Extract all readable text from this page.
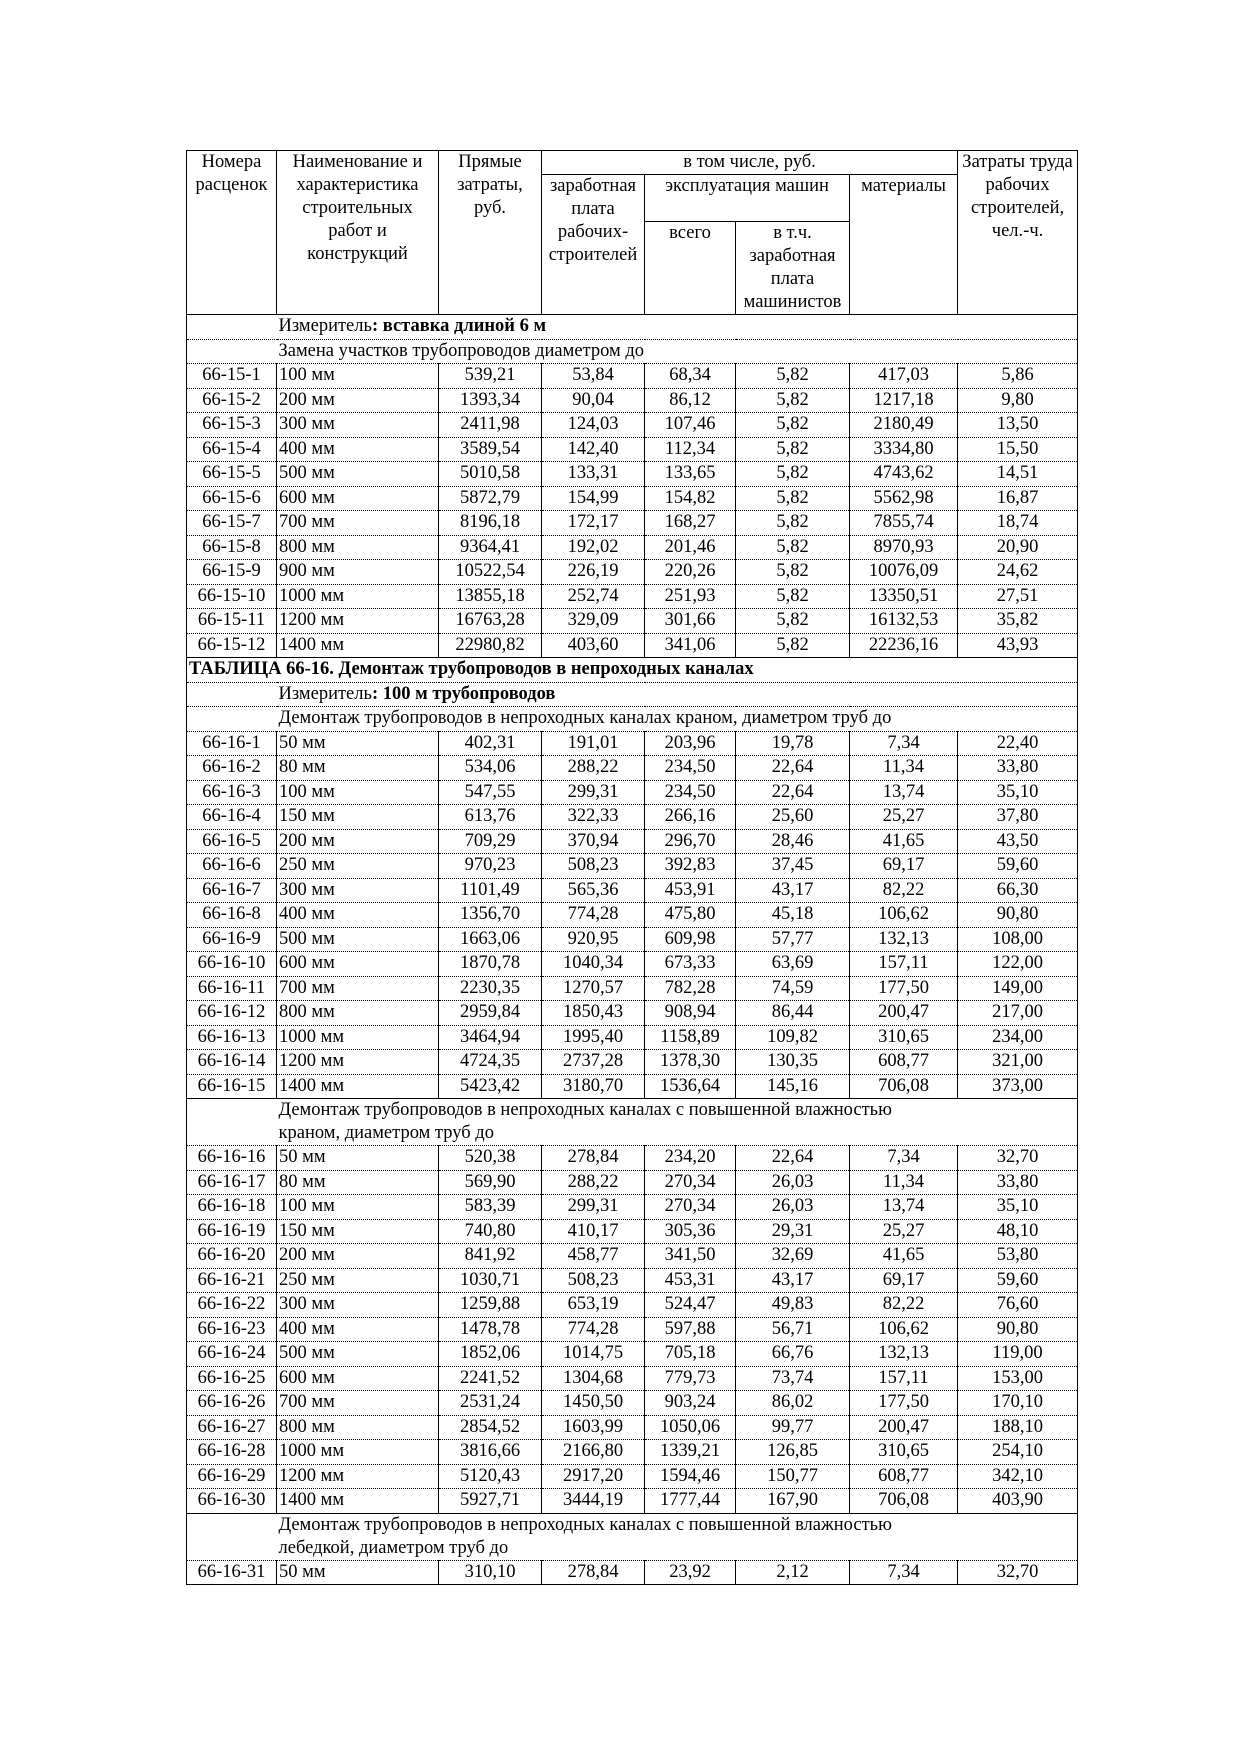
Номера расценок	Наименование и характеристика строительных работ и конструкций	Прямые затраты, руб.	в том числе, руб.				Затраты труда рабочих строителей, чел.-ч.
			заработная плата рабочих-строителей	эксплуатация машин		материалы	
				всего	в т.ч. заработная плата машинистов		
	Измеритель: вставка длиной 6 м						
	Замена участков трубопроводов диаметром до						
66-15-1	100 мм	539,21	53,84	68,34	5,82	417,03	5,86
66-15-2	200 мм	1393,34	90,04	86,12	5,82	1217,18	9,80
66-15-3	300 мм	2411,98	124,03	107,46	5,82	2180,49	13,50
66-15-4	400 мм	3589,54	142,40	112,34	5,82	3334,80	15,50
66-15-5	500 мм	5010,58	133,31	133,65	5,82	4743,62	14,51
66-15-6	600 мм	5872,79	154,99	154,82	5,82	5562,98	16,87
66-15-7	700 мм	8196,18	172,17	168,27	5,82	7855,74	18,74
66-15-8	800 мм	9364,41	192,02	201,46	5,82	8970,93	20,90
66-15-9	900 мм	10522,54	226,19	220,26	5,82	10076,09	24,62
66-15-10	1000 мм	13855,18	252,74	251,93	5,82	13350,51	27,51
66-15-11	1200 мм	16763,28	329,09	301,66	5,82	16132,53	35,82
66-15-12	1400 мм	22980,82	403,60	341,06	5,82	22236,16	43,93
ТАБЛИЦА 66-16. Демонтаж трубопроводов в непроходных каналах							
	Измеритель: 100 м трубопроводов						
	Демонтаж трубопроводов в непроходных каналах краном, диаметром труб до						
66-16-1	50 мм	402,31	191,01	203,96	19,78	7,34	22,40
66-16-2	80 мм	534,06	288,22	234,50	22,64	11,34	33,80
66-16-3	100 мм	547,55	299,31	234,50	22,64	13,74	35,10
66-16-4	150 мм	613,76	322,33	266,16	25,60	25,27	37,80
66-16-5	200 мм	709,29	370,94	296,70	28,46	41,65	43,50
66-16-6	250 мм	970,23	508,23	392,83	37,45	69,17	59,60
66-16-7	300 мм	1101,49	565,36	453,91	43,17	82,22	66,30
66-16-8	400 мм	1356,70	774,28	475,80	45,18	106,62	90,80
66-16-9	500 мм	1663,06	920,95	609,98	57,77	132,13	108,00
66-16-10	600 мм	1870,78	1040,34	673,33	63,69	157,11	122,00
66-16-11	700 мм	2230,35	1270,57	782,28	74,59	177,50	149,00
66-16-12	800 мм	2959,84	1850,43	908,94	86,44	200,47	217,00
66-16-13	1000 мм	3464,94	1995,40	1158,89	109,82	310,65	234,00
66-16-14	1200 мм	4724,35	2737,28	1378,30	130,35	608,77	321,00
66-16-15	1400 мм	5423,42	3180,70	1536,64	145,16	706,08	373,00

	Демонтаж трубопроводов в непроходных каналах с повышенной влажностью
краном, диаметром труб до						

66-16-16	50 мм	520,38	278,84	234,20	22,64	7,34	32,70
66-16-17	80 мм	569,90	288,22	270,34	26,03	11,34	33,80
66-16-18	100 мм	583,39	299,31	270,34	26,03	13,74	35,10
66-16-19	150 мм	740,80	410,17	305,36	29,31	25,27	48,10
66-16-20	200 мм	841,92	458,77	341,50	32,69	41,65	53,80
66-16-21	250 мм	1030,71	508,23	453,31	43,17	69,17	59,60
66-16-22	300 мм	1259,88	653,19	524,47	49,83	82,22	76,60
66-16-23	400 мм	1478,78	774,28	597,88	56,71	106,62	90,80
66-16-24	500 мм	1852,06	1014,75	705,18	66,76	132,13	119,00
66-16-25	600 мм	2241,52	1304,68	779,73	73,74	157,11	153,00
66-16-26	700 мм	2531,24	1450,50	903,24	86,02	177,50	170,10
66-16-27	800 мм	2854,52	1603,99	1050,06	99,77	200,47	188,10
66-16-28	1000 мм	3816,66	2166,80	1339,21	126,85	310,65	254,10
66-16-29	1200 мм	5120,43	2917,20	1594,46	150,77	608,77	342,10
66-16-30	1400 мм	5927,71	3444,19	1777,44	167,90	706,08	403,90

	Демонтаж трубопроводов в непроходных каналах с повышенной влажностью
лебедкой, диаметром труб до						

66-16-31	50 мм	310,10	278,84	23,92	2,12	7,34	32,70
